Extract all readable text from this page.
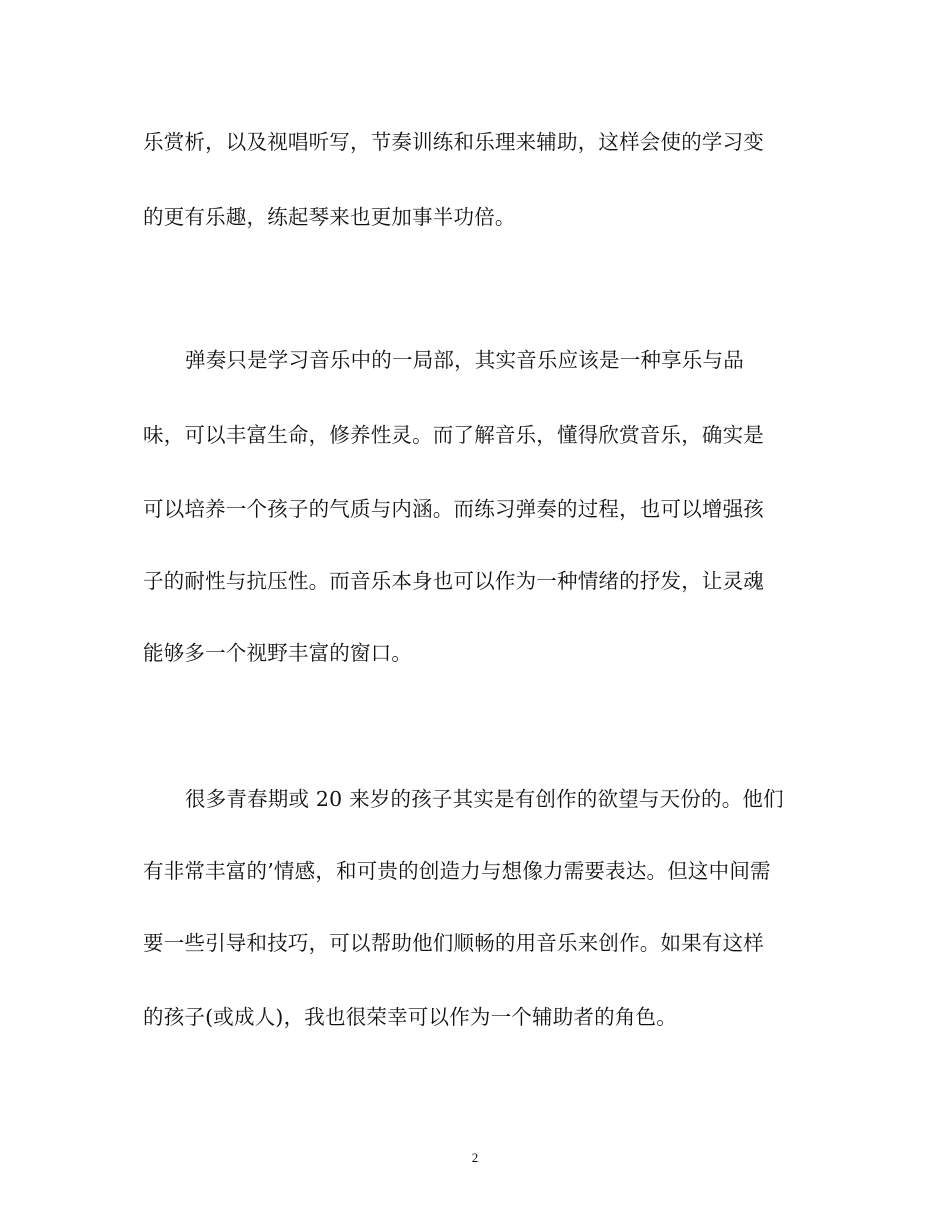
乐赏析，以及视唱听写，节奏训练和乐理来辅助，这样会使的学习变
的更有乐趣，练起琴来也更加事半功倍。
弹奏只是学习音乐中的一局部，其实音乐应该是一种享乐与品
味，可以丰富生命，修养性灵。而了解音乐，懂得欣赏音乐，确实是
可以培养一个孩子的气质与内涵。而练习弹奏的过程，也可以增强孩
子的耐性与抗压性。而音乐本身也可以作为一种情绪的抒发，让灵魂
能够多一个视野丰富的窗口。
很多青春期或 20 来岁的孩子其实是有创作的欲望与天份的。他们
有非常丰富的’情感，和可贵的创造力与想像力需要表达。但这中间需
要一些引导和技巧，可以帮助他们顺畅的用音乐来创作。如果有这样
的孩子(或成人)，我也很荣幸可以作为一个辅助者的角色。
2
